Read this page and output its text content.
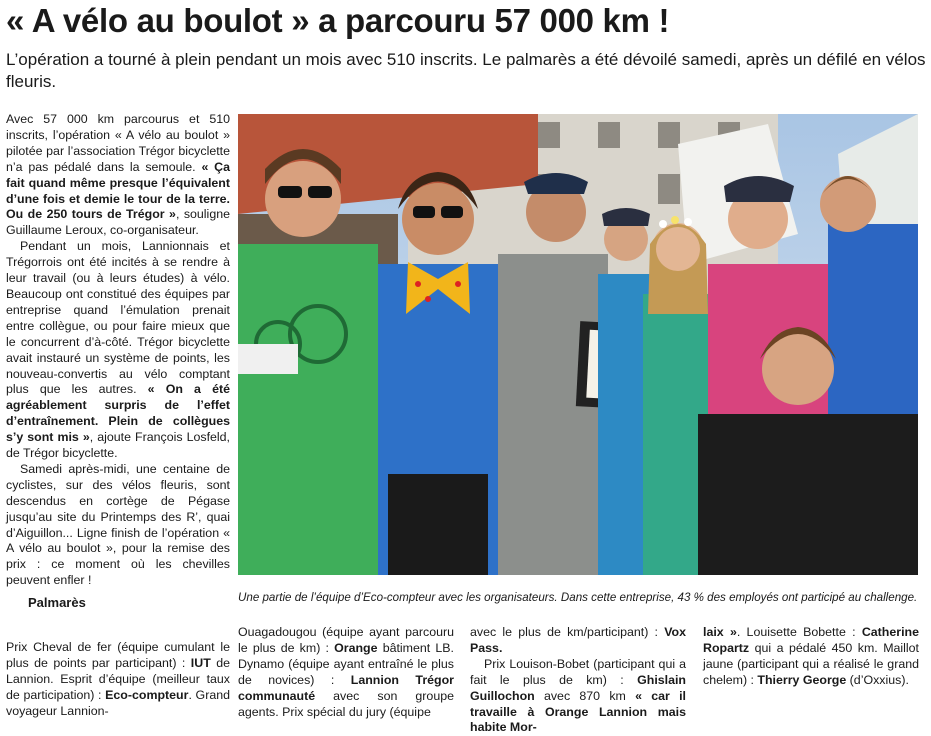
« A vélo au boulot » a parcouru 57 000 km !

L’opération a tourné à plein pendant un mois avec 510 inscrits. Le palmarès a été dévoilé samedi, après un défilé en vélos fleuris.

Avec 57 000 km parcourus et 510 inscrits, l’opération « A vélo au boulot » pilotée par l’association Trégor bicyclette n’a pas pédalé dans la semoule. « Ça fait quand même presque l’équivalent d’une fois et demie le tour de la terre. Ou de 250 tours de Trégor », souligne Guillaume Leroux, co-organisateur.

Pendant un mois, Lannionnais et Trégorrois ont été incités à se rendre à leur travail (ou à leurs études) à vélo. Beaucoup ont constitué des équipes par entreprise quand l’émulation prenait entre collègue, ou pour faire mieux que le concurrent d’à-côté. Trégor bicyclette avait instauré un système de points, les nouveau-convertis au vélo comptant plus que les autres. « On a été agréablement surpris de l’effet d’entraînement. Plein de collègues s’y sont mis », ajoute François Losfeld, de Trégor bicyclette.

Samedi après-midi, une centaine de cyclistes, sur des vélos fleuris, sont descendus en cortège de Pégase jusqu’au site du Printemps des R’, quai d’Aiguillon... Ligne finish de l’opération « A vélo au boulot », pour la remise des prix : ce moment où les chevilles peuvent enfler !

Palmarès

Prix Cheval de fer (équipe cumulant le plus de points par participant) : IUT de Lannion. Esprit d’équipe (meilleur taux de participation) : Eco-compteur. Grand voyageur Lannion-

Une partie de l’équipe d’Eco-compteur avec les organisateurs. Dans cette entreprise, 43 % des employés ont participé au challenge.

Ouagadougou (équipe ayant parcouru le plus de km) : Orange bâtiment LB. Dynamo (équipe ayant entraîné le plus de novices) : Lannion Trégor communauté avec son groupe agents. Prix spécial du jury (équipe

avec le plus de km/participant) : Vox Pass.

Prix Louison-Bobet (participant qui a fait le plus de km) : Ghislain Guillochon avec 870 km « car il travaille à Orange Lannion mais habite Mor-

laix ». Louisette Bobette : Catherine Ropartz qui a pédalé 450 km. Maillot jaune (participant qui a réalisé le grand chelem) : Thierry George (d’Oxxius).
